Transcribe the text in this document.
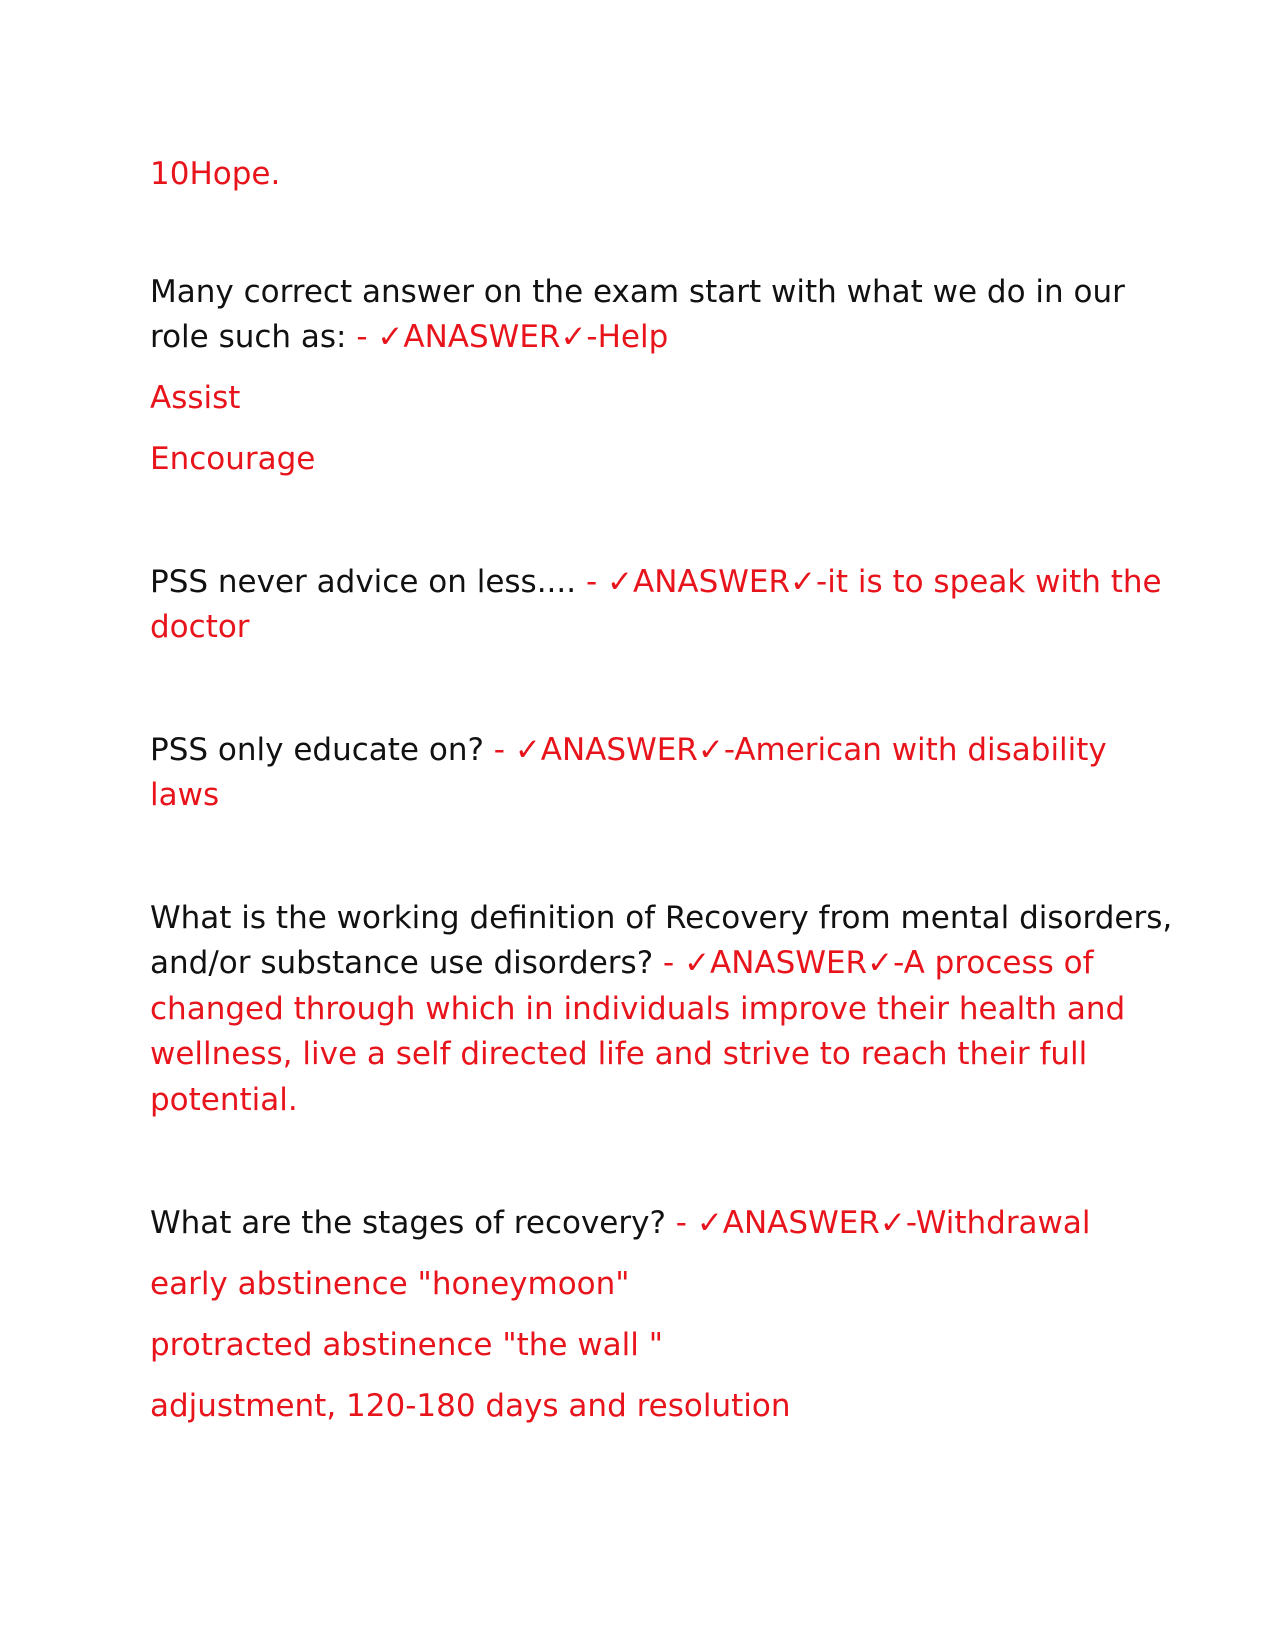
10Hope.
Many correct answer on the exam start with what we do in our
role such as: - ✓ANASWER✓-Help
Assist
Encourage
PSS never advice on less.... - ✓ANASWER✓-it is to speak with the
doctor
PSS only educate on? - ✓ANASWER✓-American with disability
laws
What is the working definition of Recovery from mental disorders,
and/or substance use disorders? - ✓ANASWER✓-A process of
changed through which in individuals improve their health and
wellness, live a self directed life and strive to reach their full
potential.
What are the stages of recovery? - ✓ANASWER✓-Withdrawal
early abstinence "honeymoon"
protracted abstinence "the wall "
adjustment, 120-180 days and resolution
